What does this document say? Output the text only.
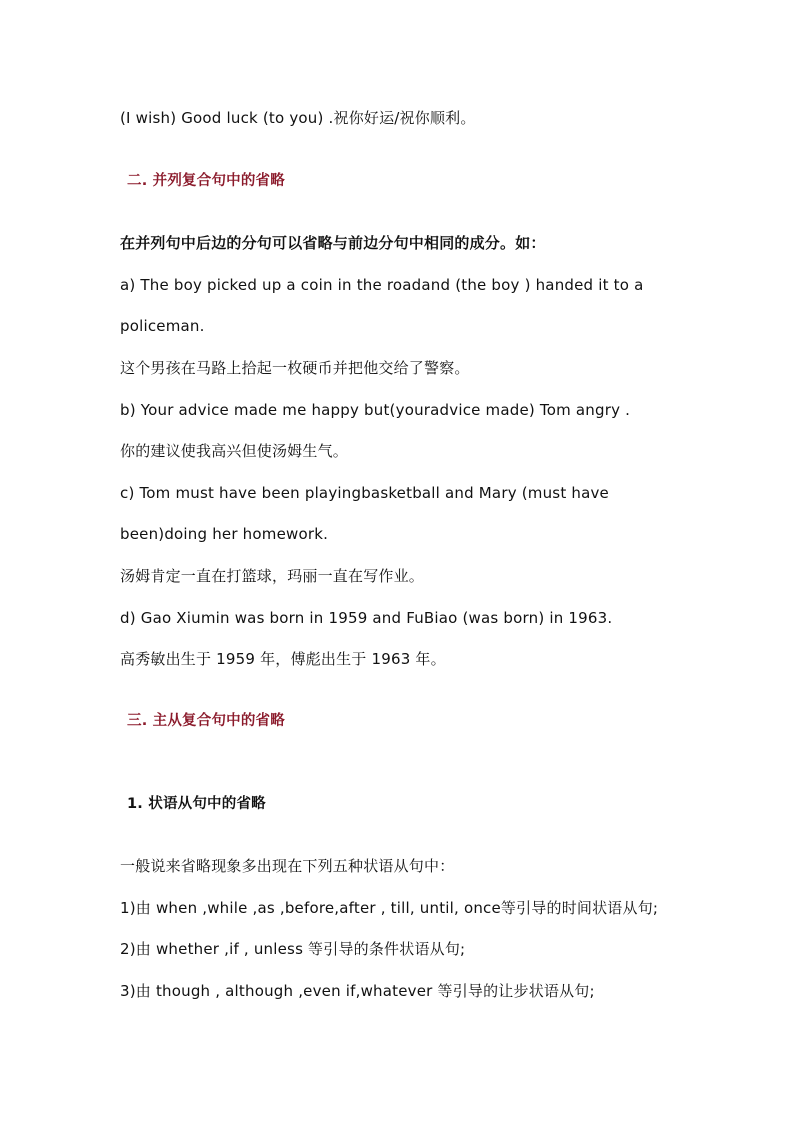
(I wish) Good luck (to you) .祝你好运/祝你顺利。
二. 并列复合句中的省略
在并列句中后边的分句可以省略与前边分句中相同的成分。如：
a) The boy picked up a coin in the roadand (the boy ) handed it to a
policeman.
这个男孩在马路上拾起一枚硬币并把他交给了警察。
b) Your advice made me happy but(youradvice made) Tom angry .
你的建议使我高兴但使汤姆生气。
c) Tom must have been playingbasketball and Mary (must have
been)doing her homework.
汤姆肯定一直在打篮球，玛丽一直在写作业。
d) Gao Xiumin was born in 1959 and FuBiao (was born) in 1963.
高秀敏出生于 1959 年，傅彪出生于 1963 年。
三. 主从复合句中的省略
1. 状语从句中的省略
一般说来省略现象多出现在下列五种状语从句中：
1)由 when ,while ,as ,before,after , till, until, once等引导的时间状语从句;
2)由 whether ,if , unless 等引导的条件状语从句;
3)由 though , although ,even if,whatever 等引导的让步状语从句;
